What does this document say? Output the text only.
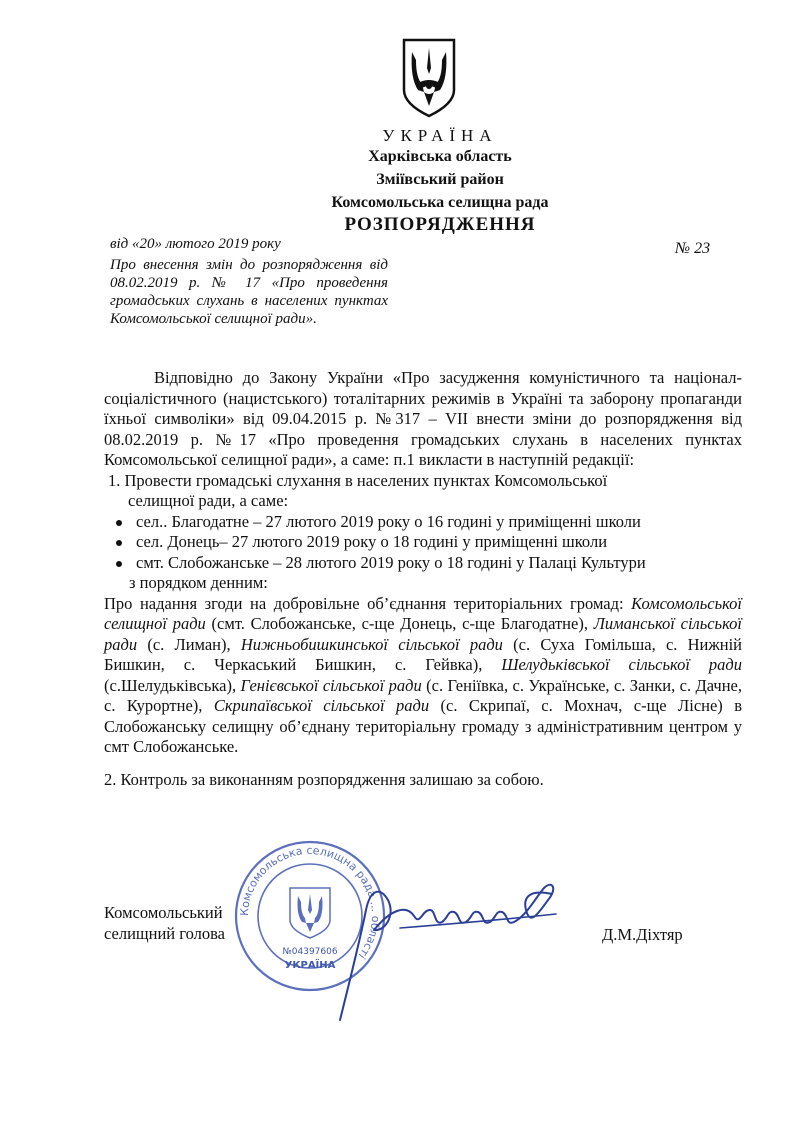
УКРАЇНА
Харківська область
Зміївський район
Комсомольська селищна рада
РОЗПОРЯДЖЕННЯ
від «20» лютого 2019 року	№ 23
Про внесення змін до розпорядження від 08.02.2019 р. № 17 «Про проведення громадських слухань в населених пунктах Комсомольської селищної ради».

Відповідно до Закону України «Про засудження комуністичного та націонал-соціалістичного (нацистського) тоталітарних режимів в Україні та заборону пропаганди їхньої символіки» від 09.04.2015 р. №317 – VII внести зміни до розпорядження від 08.02.2019 р. №17 «Про проведення громадських слухань в населених пунктах Комсомольської селищної ради», а саме: п.1 викласти в наступній редакції:

1. Провести громадські слухання в населених пунктах Комсомольської

селищної ради, а саме:

сел.. Благодатне – 27 лютого 2019 року о 16 годині у приміщенні школи
сел. Донець– 27 лютого 2019 року о 18 годині у приміщенні школи
смт. Слобожанське – 28 лютого 2019 року о 18 годині у Палаці Культури

з порядком денним:

Про надання згоди на добровільне об’єднання територіальних громад: Комсомольської селищної ради (смт. Слобожанське, с-ще Донець, с-ще Благодатне), Лиманської сільської ради (с. Лиман), Нижньобишкинської сільської ради (с. Суха Гомільша, с. Нижній Бишкин, с. Черкаський Бишкин, с. Гейвка), Шелудьківської сільської ради (с.Шелудьківська), Генієвської сільської ради (с. Геніївка, с. Українське, с. Занки, с. Дачне, с. Курортне), Скрипаївської сільської ради (с. Скрипаї, с. Мохнач, с-ще Лісне) в Слобожанську селищну об’єднану територіальну громаду з адміністративним центром у смт Слобожанське.

2. Контроль за виконанням розпорядження залишаю за собою.

Комсомольський
селищний голова	Д.М.Діхтяр
Комсомольська селищна рада ... області
№04397606
УКРАЇНА
